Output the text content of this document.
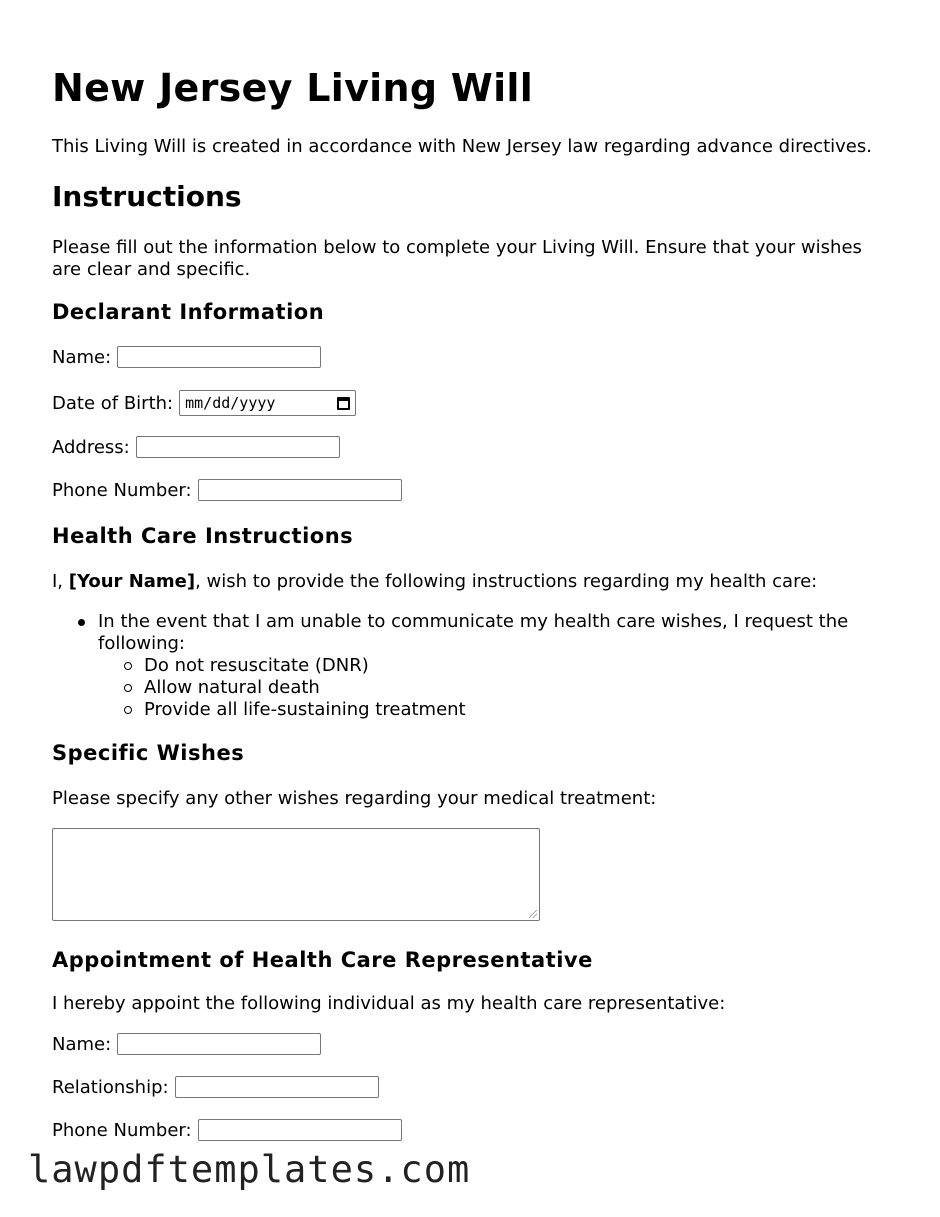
New Jersey Living Will

This Living Will is created in accordance with New Jersey law regarding advance directives.

Instructions

Please fill out the information below to complete your Living Will. Ensure that your wishes are clear and specific.

Declarant Information
Name:
Date of Birth: mm/dd/yyyy
Address:
Phone Number:
Health Care Instructions

I, [Your Name], wish to provide the following instructions regarding my health care:

In the event that I am unable to communicate my health care wishes, I request the following:
Do not resuscitate (DNR)
Allow natural death
Provide all life-sustaining treatment
Specific Wishes

Please specify any other wishes regarding your medical treatment:

Appointment of Health Care Representative

I hereby appoint the following individual as my health care representative:

Name:
Relationship:
Phone Number:
lawpdftemplates.com
